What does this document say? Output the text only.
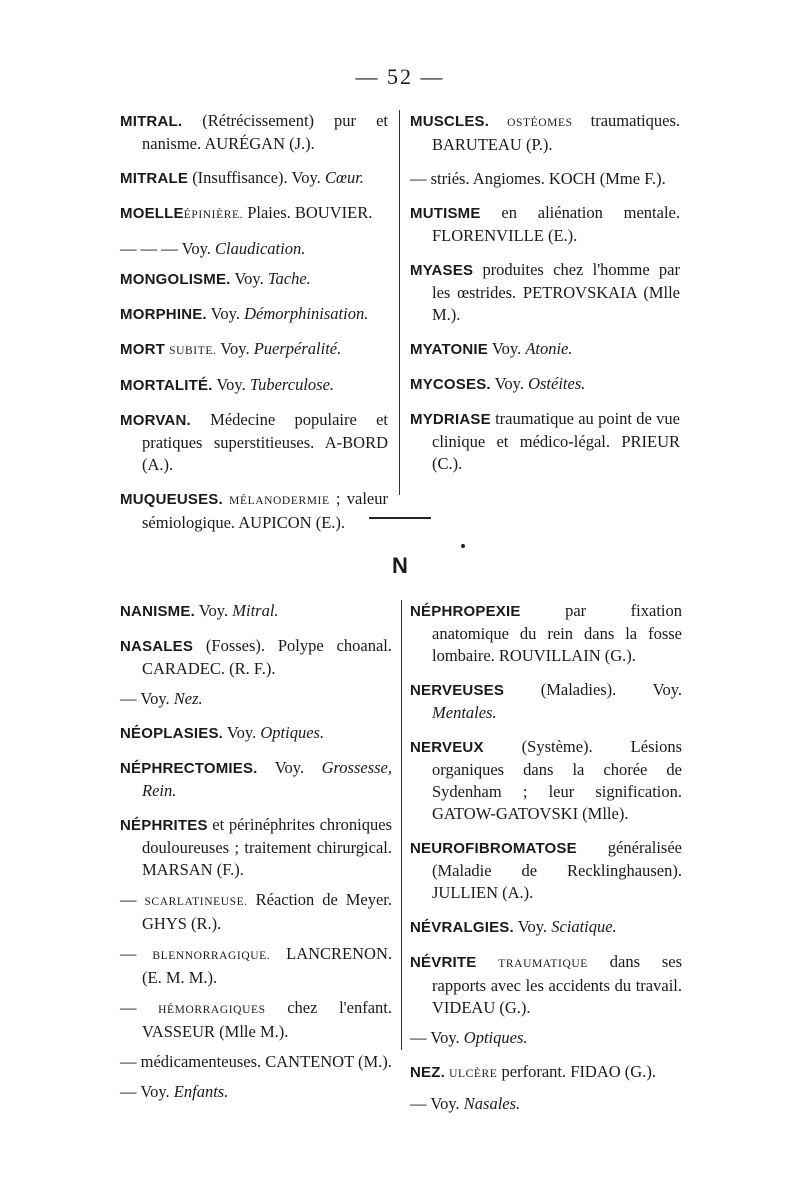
— 52 —

MITRAL. (Rétrécissement) pur et nanisme. AURÉGAN (J.).

MITRALE (Insuffisance). Voy. Cœur.

MOELLEÉPINIÈRE. Plaies. BOUVIER.

— — — Voy. Claudication.

MONGOLISME. Voy. Tache.

MORPHINE. Voy. Démorphinisation.

MORT SUBITE. Voy. Puerpéralité.

MORTALITÉ. Voy. Tuberculose.

MORVAN. Médecine populaire et pratiques superstitieuses. A-BORD (A.).

MUQUEUSES. MÉLANODERMIE ; valeur sémiologique. AUPICON (E.).

MUSCLES. OSTÉOMES traumatiques. BARUTEAU (P.).

— striés. Angiomes. KOCH (Mme F.).

MUTISME en aliénation mentale. FLORENVILLE (E.).

MYASES produites chez l'homme par les œstrides. PETROVSKAIA (Mlle M.).

MYATONIE Voy. Atonie.

MYCOSES. Voy. Ostéites.

MYDRIASE traumatique au point de vue clinique et médico-légal. PRIEUR (C.).

N

NANISME. Voy. Mitral.

NASALES (Fosses). Polype choanal. CARADEC. (R. F.).

— Voy. Nez.

NÉOPLASIES. Voy. Optiques.

NÉPHRECTOMIES. Voy. Grossesse, Rein.

NÉPHRITES et périnéphrites chroniques douloureuses ; traitement chirurgical. MARSAN (F.).

— SCARLATINEUSE. Réaction de Meyer. GHYS (R.).

— BLENNORRAGIQUE. LANCRENON. (E. M. M.).

— HÉMORRAGIQUES chez l'enfant. VASSEUR (Mlle M.).

— médicamenteuses. CANTENOT (M.).

— Voy. Enfants.

NÉPHROPEXIE par fixation anatomique du rein dans la fosse lombaire. ROUVILLAIN (G.).

NERVEUSES (Maladies). Voy. Mentales.

NERVEUX (Système). Lésions organiques dans la chorée de Sydenham ; leur signification. GATOW-GATOVSKI (Mlle).

NEUROFIBROMATOSE généralisée (Maladie de Recklinghausen). JULLIEN (A.).

NÉVRALGIES. Voy. Sciatique.

NÉVRITE TRAUMATIQUE dans ses rapports avec les accidents du travail. VIDEAU (G.).

— Voy. Optiques.

NEZ. ULCÈRE perforant. FIDAO (G.).

— Voy. Nasales.
